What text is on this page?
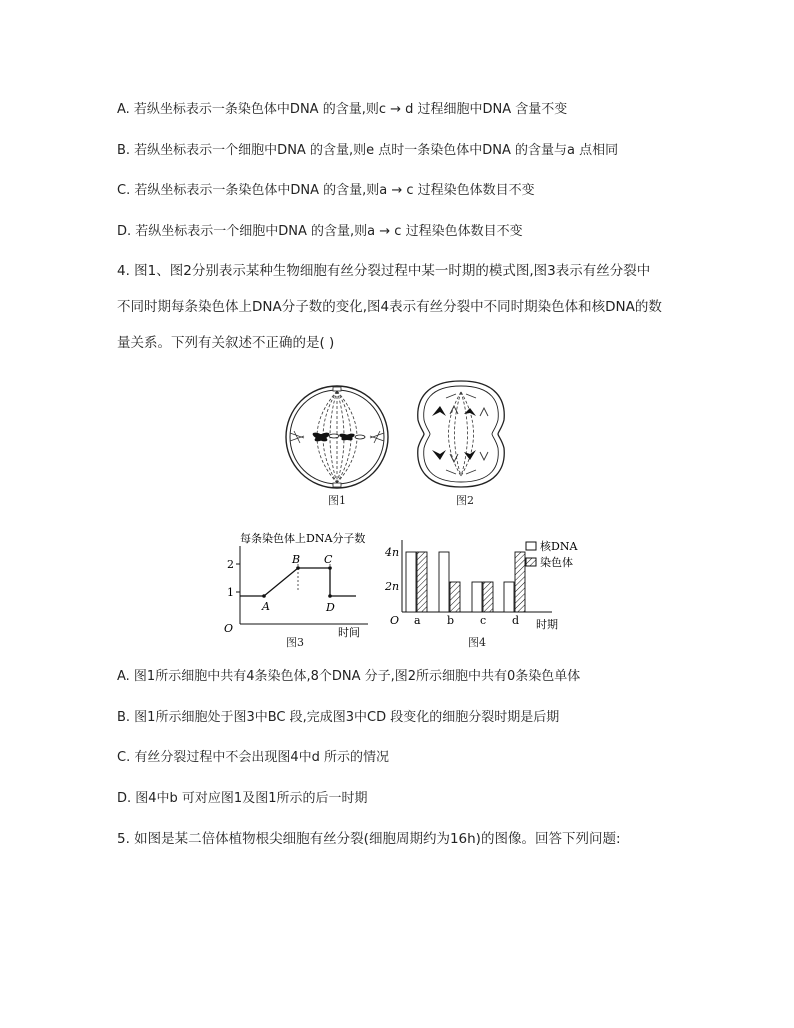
A. 若纵坐标表示一条染色体中DNA 的含量,则c → d 过程细胞中DNA 含量不变
B. 若纵坐标表示一个细胞中DNA 的含量,则e 点时一条染色体中DNA 的含量与a 点相同
C. 若纵坐标表示一条染色体中DNA 的含量,则a → c 过程染色体数目不变
D. 若纵坐标表示一个细胞中DNA 的含量,则a → c 过程染色体数目不变
4. 图1、图2分别表示某种生物细胞有丝分裂过程中某一时期的模式图,图3表示有丝分裂中
不同时期每条染色体上DNA分子数的变化,图4表示有丝分裂中不同时期染色体和核DNA的数
量关系。下列有关叙述不正确的是( )
图1	图2
每条染色体上DNA分子数
2
1
O	时间
A
B C
D
图3
4n
2n
O	时期
a b c d
核DNA
染色体
图4
A. 图1所示细胞中共有4条染色体,8个DNA 分子,图2所示细胞中共有0条染色单体
B. 图1所示细胞处于图3中BC 段,完成图3中CD 段变化的细胞分裂时期是后期
C. 有丝分裂过程中不会出现图4中d 所示的情况
D. 图4中b 可对应图1及图1所示的后一时期
5. 如图是某二倍体植物根尖细胞有丝分裂(细胞周期约为16h)的图像。回答下列问题:
